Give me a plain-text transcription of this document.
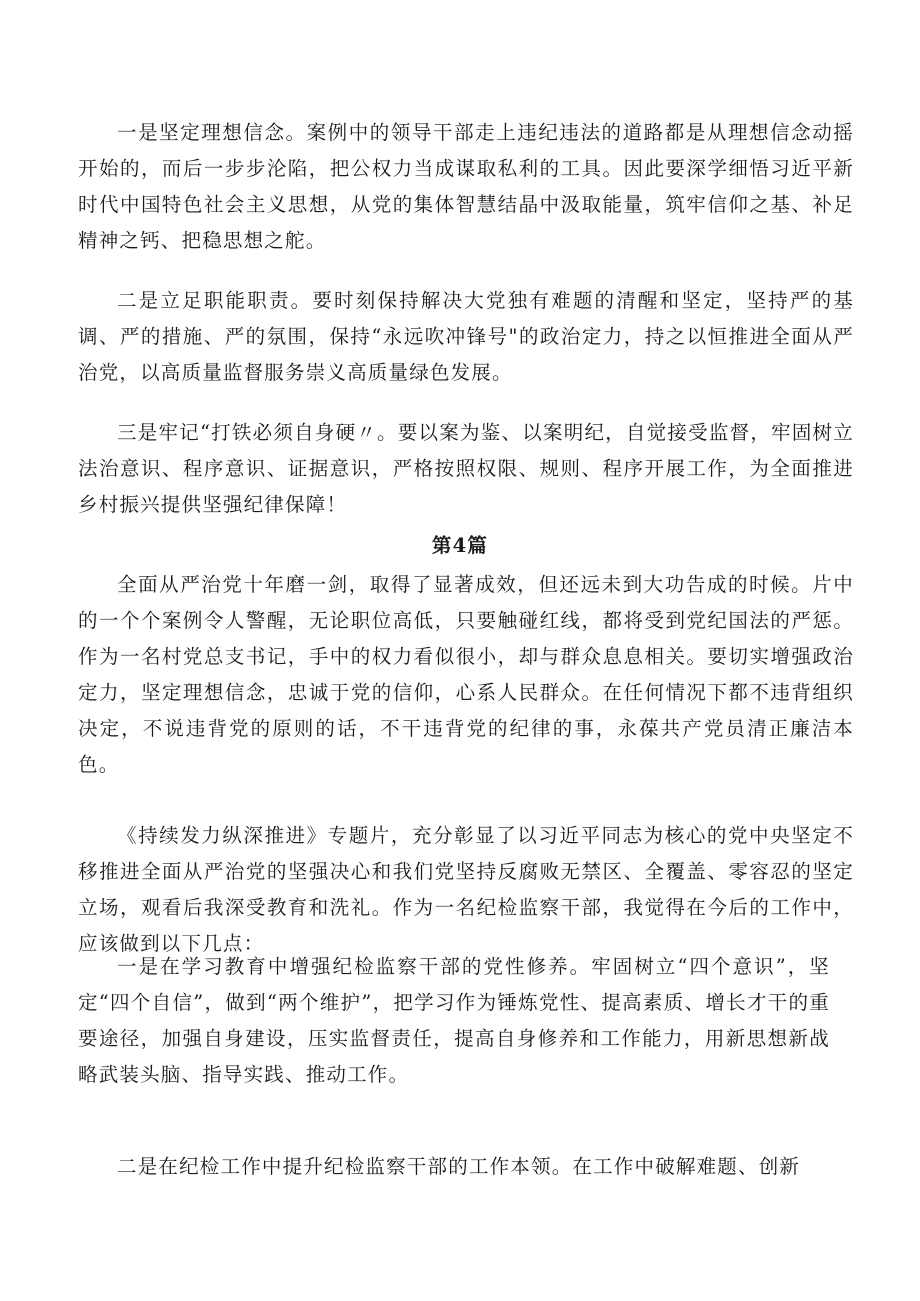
一是坚定理想信念。案例中的领导干部走上违纪违法的道路都是从理想信念动摇开始的，而后一步步沦陷，把公权力当成谋取私利的工具。因此要深学细悟习近平新时代中国特色社会主义思想，从党的集体智慧结晶中汲取能量，筑牢信仰之基、补足精神之钙、把稳思想之舵。

二是立足职能职责。要时刻保持解决大党独有难题的清醒和坚定，坚持严的基调、严的措施、严的氛围，保持“永远吹冲锋号"的政治定力，持之以恒推进全面从严治党，以高质量监督服务崇义高质量绿色发展。

三是牢记“打铁必须自身硬〃。要以案为鉴、以案明纪，自觉接受监督，牢固树立法治意识、程序意识、证据意识，严格按照权限、规则、程序开展工作，为全面推进乡村振兴提供坚强纪律保障！

第4篇

全面从严治党十年磨一剑，取得了显著成效，但还远未到大功告成的时候。片中的一个个案例令人警醒，无论职位高低，只要触碰红线，都将受到党纪国法的严惩。作为一名村党总支书记，手中的权力看似很小，却与群众息息相关。要切实增强政治定力，坚定理想信念，忠诚于党的信仰，心系人民群众。在任何情况下都不违背组织决定，不说违背党的原则的话，不干违背党的纪律的事，永葆共产党员清正廉洁本色。

《持续发力纵深推进》专题片，充分彰显了以习近平同志为核心的党中央坚定不移推进全面从严治党的坚强决心和我们党坚持反腐败无禁区、全覆盖、零容忍的坚定立场，观看后我深受教育和洗礼。作为一名纪检监察干部，我觉得在今后的工作中，应该做到以下几点：

一是在学习教育中增强纪检监察干部的党性修养。牢固树立“四个意识”，坚定“四个自信”，做到“两个维护”，把学习作为锤炼党性、提高素质、增长才干的重要途径，加强自身建设，压实监督责任，提高自身修养和工作能力，用新思想新战略武装头脑、指导实践、推动工作。

二是在纪检工作中提升纪检监察干部的工作本领。在工作中破解难题、创新
